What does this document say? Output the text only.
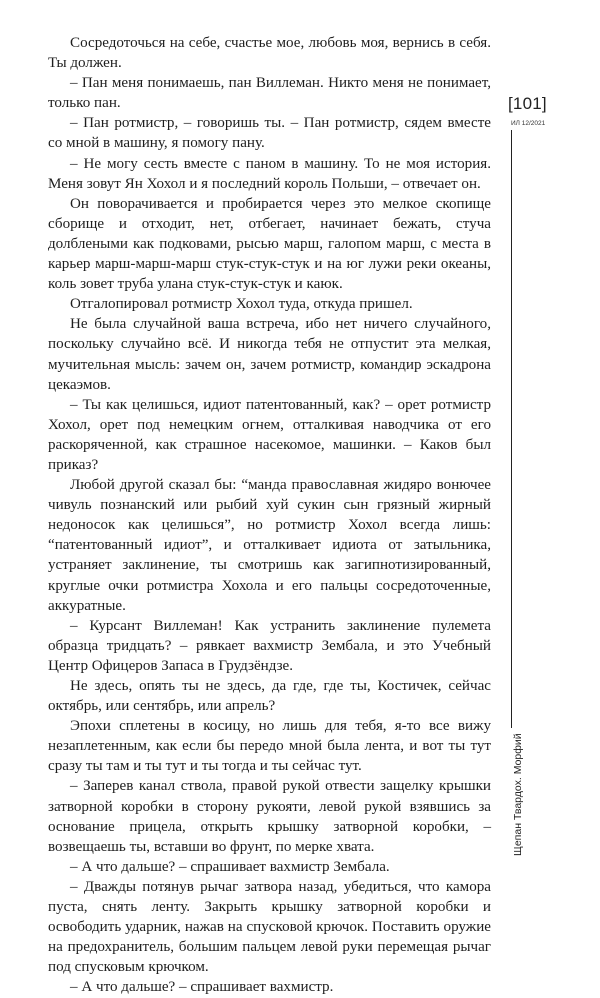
Сосредоточься на себе, счастье мое, любовь моя, вернись в себя. Ты должен.

– Пан меня понимаешь, пан Виллеман. Никто меня не понимает, только пан.

– Пан ротмистр, – говоришь ты. – Пан ротмистр, сядем вместе со мной в машину, я помогу пану.

– Не могу сесть вместе с паном в машину. То не моя история. Меня зовут Ян Хохол и я последний король Польши, – отвечает он.

Он поворачивается и пробирается через это мелкое скопище сборище и отходит, нет, отбегает, начинает бежать, стуча долблеными как подковами, рысью марш, галопом марш, с места в карьер марш-марш-марш стук-стук-стук и на юг лужи реки океаны, коль зовет труба улана стук-стук-стук и каюк.

Отгалопировал ротмистр Хохол туда, откуда пришел.

Не была случайной ваша встреча, ибо нет ничего случайного, поскольку случайно всё. И никогда тебя не отпустит эта мелкая, мучительная мысль: зачем он, зачем ротмистр, командир эскадрона цекаэмов.

– Ты как целишься, идиот патентованный, как? – орет ротмистр Хохол, орет под немецким огнем, отталкивая наводчика от его раскоряченной, как страшное насекомое, машинки. – Каков был приказ?

Любой другой сказал бы: “манда православная жидяро вонючее чивуль познанский или рыбий хуй сукин сын грязный жирный недоносок как целишься”, но ротмистр Хохол всегда лишь: “патентованный идиот”, и отталкивает идиота от затыльника, устраняет заклинение, ты смотришь как загипнотизированный, круглые очки ротмистра Хохола и его пальцы сосредоточенные, аккуратные.

– Курсант Виллеман! Как устранить заклинение пулемета образца тридцать? – рявкает вахмистр Зембала, и это Учебный Центр Офицеров Запаса в Грудзёндзе.

Не здесь, опять ты не здесь, да где, где ты, Костичек, сейчас октябрь, или сентябрь, или апрель?

Эпохи сплетены в косицу, но лишь для тебя, я-то все вижу незаплетенным, как если бы передо мной была лента, и вот ты тут сразу ты там и ты тут и ты тогда и ты сейчас тут.

– Заперев канал ствола, правой рукой отвести защелку крышки затворной коробки в сторону рукояти, левой рукой взявшись за основание прицела, открыть крышку затворной коробки, – возвещаешь ты, вставши во фрунт, по мерке хвата.

– А что дальше? – спрашивает вахмистр Зембала.

– Дважды потянув рычаг затвора назад, убедиться, что камора пуста, снять ленту. Закрыть крышку затворной коробки и освободить ударник, нажав на спусковой крючок. Поставить оружие на предохранитель, большим пальцем левой руки перемещая рычаг под спусковым крючком.

– А что дальше? – спрашивает вахмистр.

[101]
ИЛ 12/2021
Щепан Твардох. Морфий
